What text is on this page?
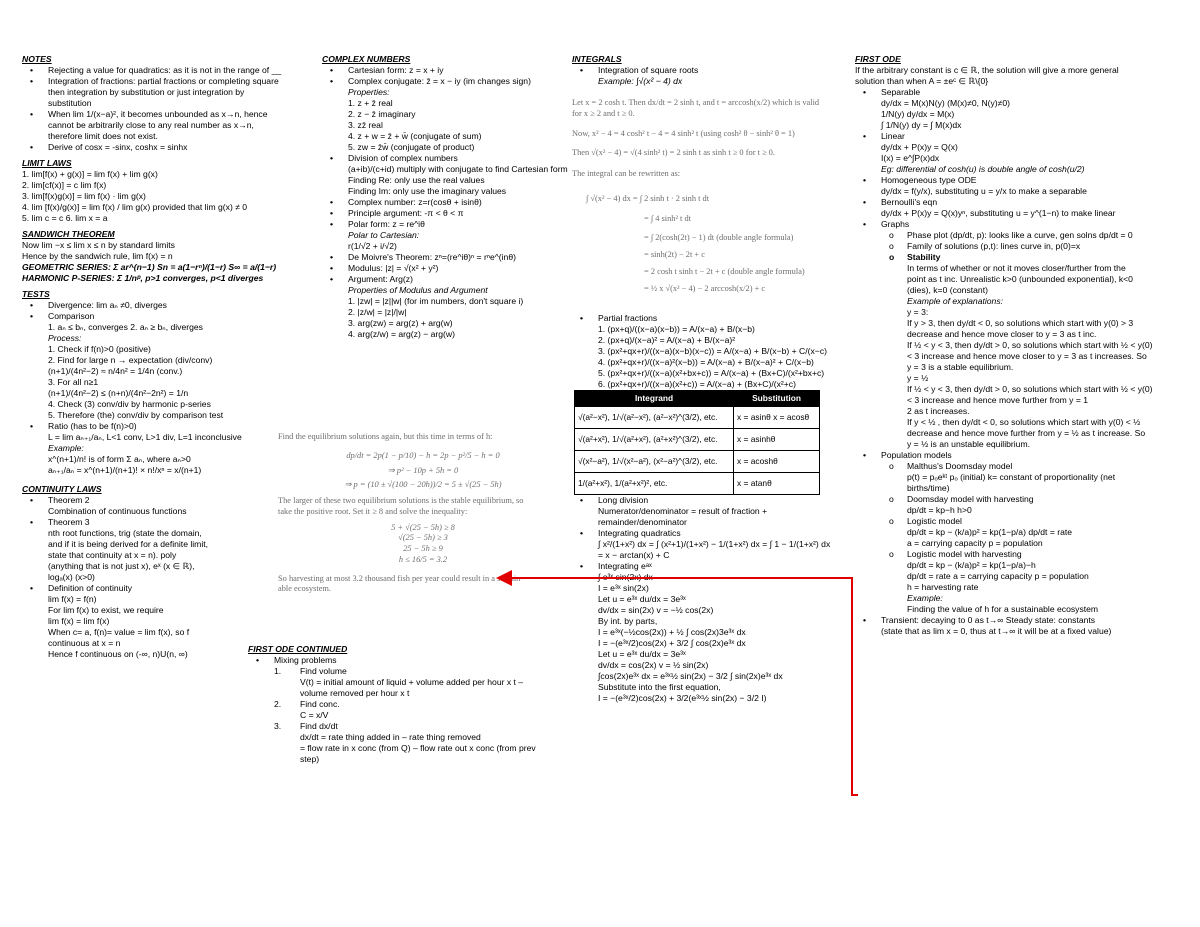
NOTES
• Rejecting a value for quadratics: as it is not in the range of __
• Integration of fractions: partial fractions or completing square then integration by substitution or just integration by substitution
• When lim 1/(x−a)², it becomes unbounded as x→n, hence cannot be arbitrarily close to any real number as x→n, therefore limit does not exist.
• Derive of cosx = -sinx, coshx = sinhx
LIMIT LAWS
1. lim[f(x) + g(x)] = lim f(x) + lim g(x)
2. lim[cf(x)] = c lim f(x)
3. lim[f(x)g(x)] = lim f(x) · lim g(x)
4. lim [f(x)/g(x)] = lim f(x) / lim g(x) provided that lim g(x) ≠ 0
5. lim c = c 6. lim x = a
SANDWICH THEOREM
Now lim −x ≤ lim x ≤ n by standard limits
Hence by the sandwich rule, lim f(x) = n
GEOMETRIC SERIES: Σ ar^(n−1) Sn = a(1−rⁿ)/(1−r) S∞ = a/(1−r)
HARMONIC P-SERIES: Σ 1/nᵖ, p>1 converges, p<1 diverges
TESTS
• Divergence: lim aₙ ≠0, diverges
• Comparison
1. aₙ ≤ bₙ, converges 2. aₙ ≥ bₙ, diverges
Process:
1. Check if f(n)>0 (positive)
2. Find for large n → expectation (div/conv)
(n+1)/(4n²−2) ≈ n/4n² = 1/4n (conv.)
3. For all n≥1
(n+1)/(4n²−2) ≤ (n+n)/(4n²−2n²) = 1/n
4. Check (3) conv/div by harmonic p-series
5. Therefore (the) conv/div by comparison test
• Ratio (has to be f(n)>0)
L = lim aₙ₊₁/aₙ, L<1 conv, L>1 div, L=1 inconclusive
Example:
x^(n+1)/n! is of form Σ aₙ, where aₙ>0
aₙ₊₁/aₙ = x^(n+1)/(n+1)! × n!/xⁿ = x/(n+1)
CONTINUITY LAWS
• Theorem 2
Combination of continuous functions
• Theorem 3
nth root functions, trig (state the domain,
and if it is being derived for a definite limit,
state that continuity at x = n). poly
(anything that is not just x), eˣ (x ∈ ℝ),
logₐ(x) (x>0)
• Definition of continuity
lim f(x) = f(n)
For lim f(x) to exist, we require
lim f(x) = lim f(x)
When c= a, f(n)= value = lim f(x), so f
continuous at x = n
Hence f continuous on (-∞, n)U(n, ∞)
COMPLEX NUMBERS
• Cartesian form: z = x + iy
• Complex conjugate: z̄ = x − iy (im changes sign)
Properties:
1. z + z̄ real
2. z − z̄ imaginary
3. zz̄ real
4. z + w = z̄ + w̄ (conjugate of sum)
5. zw = z̄w̄ (conjugate of product)
• Division of complex numbers
(a+ib)/(c+id) multiply with conjugate to find Cartesian form
Finding Re: only use the real values
Finding Im: only use the imaginary values
• Complex number: z=r(cosθ + isinθ)
• Principle argument: -π < θ < π
• Polar form: z = re^iθ
Polar to Cartesian:
r(1/√2 + i/√2)
• De Moivre's Theorem: zⁿ=(re^iθ)ⁿ = rⁿe^(inθ)
• Modulus: |z| = √(x² + y²)
• Argument: Arg(z)
Properties of Modulus and Argument
1. |zw| = |z||w| (for im numbers, don't square i)
2. |z/w| = |z|/|w|
3. arg(zw) = arg(z) + arg(w)
4. arg(z/w) = arg(z) − arg(w)
Find the equilibrium solutions again, but this time in terms of h:
dp/dt = 2p(1 − p/10) − h = 2p − p²/5 − h = 0
⇒ p² − 10p + 5h = 0
⇒ p = (10 ± √(100 − 20h))/2 = 5 ± √(25 − 5h)
The larger of these two equilibrium solutions is the stable equilibrium, so
take the positive root. Set it ≥ 8 and solve the inequality:
5 + √(25 − 5h) ≥ 8
√(25 − 5h) ≥ 3
25 − 5h ≥ 9
h ≤ 16/5 = 3.2
So harvesting at most 3.2 thousand fish per year could result in a sustain-
able ecosystem.
FIRST ODE CONTINUED
• Mixing problems
1. Find volume
V(t) = initial amount of liquid + volume added per hour x t –
volume removed per hour x t
2. Find conc.
C = x/V
3. Find dx/dt
dx/dt = rate thing added in – rate thing removed
= flow rate in x conc (from Q) – flow rate out x conc (from prev
step)
INTEGRALS
• Integration of square roots
Example: ∫√(x² − 4) dx
Let x = 2 cosh t. Then dx/dt = 2 sinh t, and t = arccosh(x/2) which is valid
for x ≥ 2 and t ≥ 0.
Now, x² − 4 = 4 cosh² t − 4 = 4 sinh² t (using cosh² θ − sinh² θ = 1)
Then √(x² − 4) = √(4 sinh² t) = 2 sinh t as sinh t ≥ 0 for t ≥ 0.
The integral can be rewritten as:
∫ √(x² − 4) dx = ∫ 2 sinh t · 2 sinh t dt
= ∫ 4 sinh² t dt
= ∫ 2(cosh(2t) − 1) dt (double angle formula)
= sinh(2t) − 2t + c
= 2 cosh t sinh t − 2t + c (double angle formula)
= ½ x √(x² − 4) − 2 arccosh(x/2) + c
• Partial fractions
1. (px+q)/((x−a)(x−b)) = A/(x−a) + B/(x−b)
2. (px+q)/(x−a)² = A/(x−a) + B/(x−a)²
3. (px²+qx+r)/((x−a)(x−b)(x−c)) = A/(x−a) + B/(x−b) + C/(x−c)
4. (px²+qx+r)/((x−a)²(x−b)) = A/(x−a) + B/(x−a)² + C/(x−b)
5. (px²+qx+r)/((x−a)(x²+bx+c)) = A/(x−a) + (Bx+C)/(x²+bx+c)
6. (px²+qx+r)/((x−a)(x²+c)) = A/(x−a) + (Bx+C)/(x²+c)
Integrand	Substitution
√(a²−x²), 1/√(a²−x²), (a²−x²)^(3/2), etc.	x = asinθ x = acosθ
√(a²+x²), 1/√(a²+x²), (a²+x²)^(3/2), etc.	x = asinhθ
√(x²−a²), 1/√(x²−a²), (x²−a²)^(3/2), etc.	x = acoshθ
1/(a²+x²), 1/(a²+x²)², etc.	x = atanθ
• Long division
Numerator/denominator = result of fraction +
remainder/denominator
• Integrating quadratics
∫ x²/(1+x²) dx = ∫ (x²+1)/(1+x²) − 1/(1+x²) dx = ∫ 1 − 1/(1+x²) dx
= x − arctan(x) + C
• Integrating eᵃˣ
∫ e³ˣ sin(2x) dx
I = e³ˣ sin(2x)
Let u = e³ˣ du/dx = 3e³ˣ
dv/dx = sin(2x) v = −½ cos(2x)
By int. by parts,
I = e³ˣ(−½cos(2x)) + ½ ∫ cos(2x)3e³ˣ dx
I = −(e³ˣ/2)cos(2x) + 3/2 ∫ cos(2x)e³ˣ dx
Let u = e³ˣ du/dx = 3e³ˣ
dv/dx = cos(2x) v = ½ sin(2x)
∫cos(2x)e³ˣ dx = e³ˣ½ sin(2x) − 3/2 ∫ sin(2x)e³ˣ dx
Substitute into the first equation,
I = −(e³ˣ/2)cos(2x) + 3/2(e³ˣ½ sin(2x) − 3/2 I)
FIRST ODE
If the arbitrary constant is c ∈ ℝ, the solution will give a more general
solution than when A = ±eᶜ ∈ ℝ\{0}
• Separable
dy/dx = M(x)N(y) (M(x)≠0, N(y)≠0)
1/N(y) dy/dx = M(x)
∫ 1/N(y) dy = ∫ M(x)dx
• Linear
dy/dx + P(x)y = Q(x)
I(x) = e^∫P(x)dx
Eg: differential of cosh(u) is double angle of cosh(u/2)
• Homogeneous type ODE
dy/dx = f(y/x), substituting u = y/x to make a separable
• Bernoulli's eqn
dy/dx + P(x)y = Q(x)yⁿ, substituting u = y^(1−n) to make linear
• Graphs
o Phase plot (dp/dt, p): looks like a curve, gen solns dp/dt = 0
o Family of solutions (p,t): lines curve in, p(0)=x
o Stability
In terms of whether or not it moves closer/further from the
point as t inc. Unrealistic k>0 (unbounded exponential), k<0
(dies), k=0 (constant)
Example of explanations:
y = 3:
If y > 3, then dy/dt < 0, so solutions which start with y(0) > 3
decrease and hence move closer to y = 3 as t inc.
If ½ < y < 3, then dy/dt > 0, so solutions which start with ½ < y(0)
< 3 increase and hence move closer to y = 3 as t increases. So
y = 3 is a stable equilibrium.
y = ½
If ½ < y < 3, then dy/dt > 0, so solutions which start with ½ < y(0)
< 3 increase and hence move further from y = 1
2 as t increases.
If y < ½ , then dy/dt < 0, so solutions which start with y(0) < ½
decrease and hence move further from y = ½ as t increase. So
y = ½ is an unstable equilibrium.
• Population models
o Malthus's Doomsday model
p(t) = pₒeᵏᵗ pₒ (initial) k= constant of proportionality (net
births/time)
o Doomsday model with harvesting
dp/dt = kp−h h>0
o Logistic model
dp/dt = kp − (k/a)p² = kp(1−p/a) dp/dt = rate
a = carrying capacity p = population
o Logistic model with harvesting
dp/dt = kp − (k/a)p² = kp(1−p/a)−h
dp/dt = rate a = carrying capacity p = population
h = harvesting rate
Example:
Finding the value of h for a sustainable ecosystem
• Transient: decaying to 0 as t→∞ Steady state: constants
(state that as lim x = 0, thus at t→∞ it will be at a fixed value)
